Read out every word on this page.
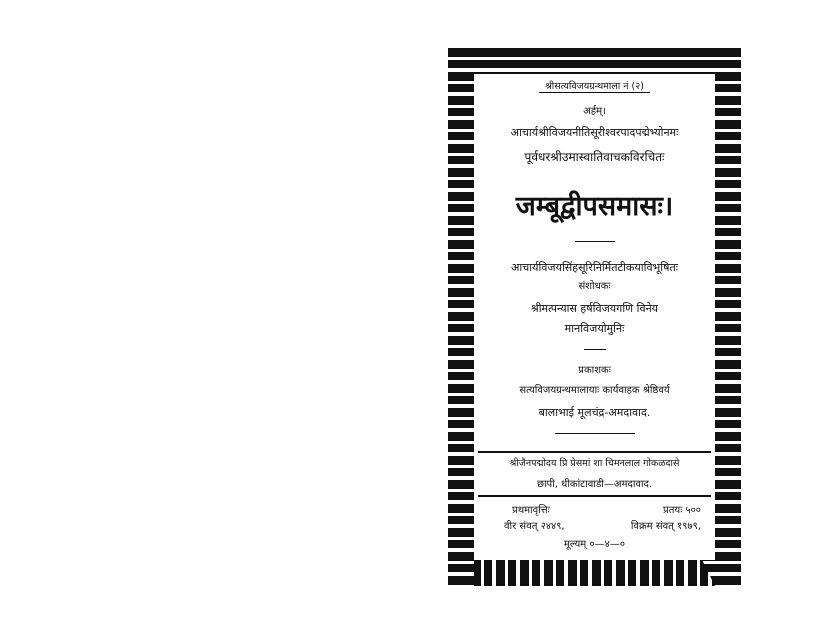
श्रीसत्यविजयग्रन्थमाला नं (२)
अर्हम्।
आचार्यश्रीविजयनीतिसूरीश्वरपादपद्मेभ्योनमः
पूर्वधरश्रीउमास्वातिवाचकविरचितः
जम्बूद्वीपसमासः।
आचार्यविजयसिंहसूरिनिर्मितटीकयाविभूषितः
संशोधकः
श्रीमत्पन्यास हर्षविजयगणि विनेय
मानविजयोमुनिः
प्रकाशकः
सत्यविजयग्रन्थमालायाः कार्यवाहक श्रेष्ठिवर्य
बालाभाई मूलचंद्र-अमदावाद.
श्रीजैनपद्मोदय प्रि प्रेसमां शा चिमनलाल गोकळदासे
छापी, धीकांटावाडी—अमदावाद.
प्रथमावृत्तिः	प्रतयः ५००
वीर संवत् २४४९,	विक्रम संवत् १९७९,
मूल्यम् ०—४—०
